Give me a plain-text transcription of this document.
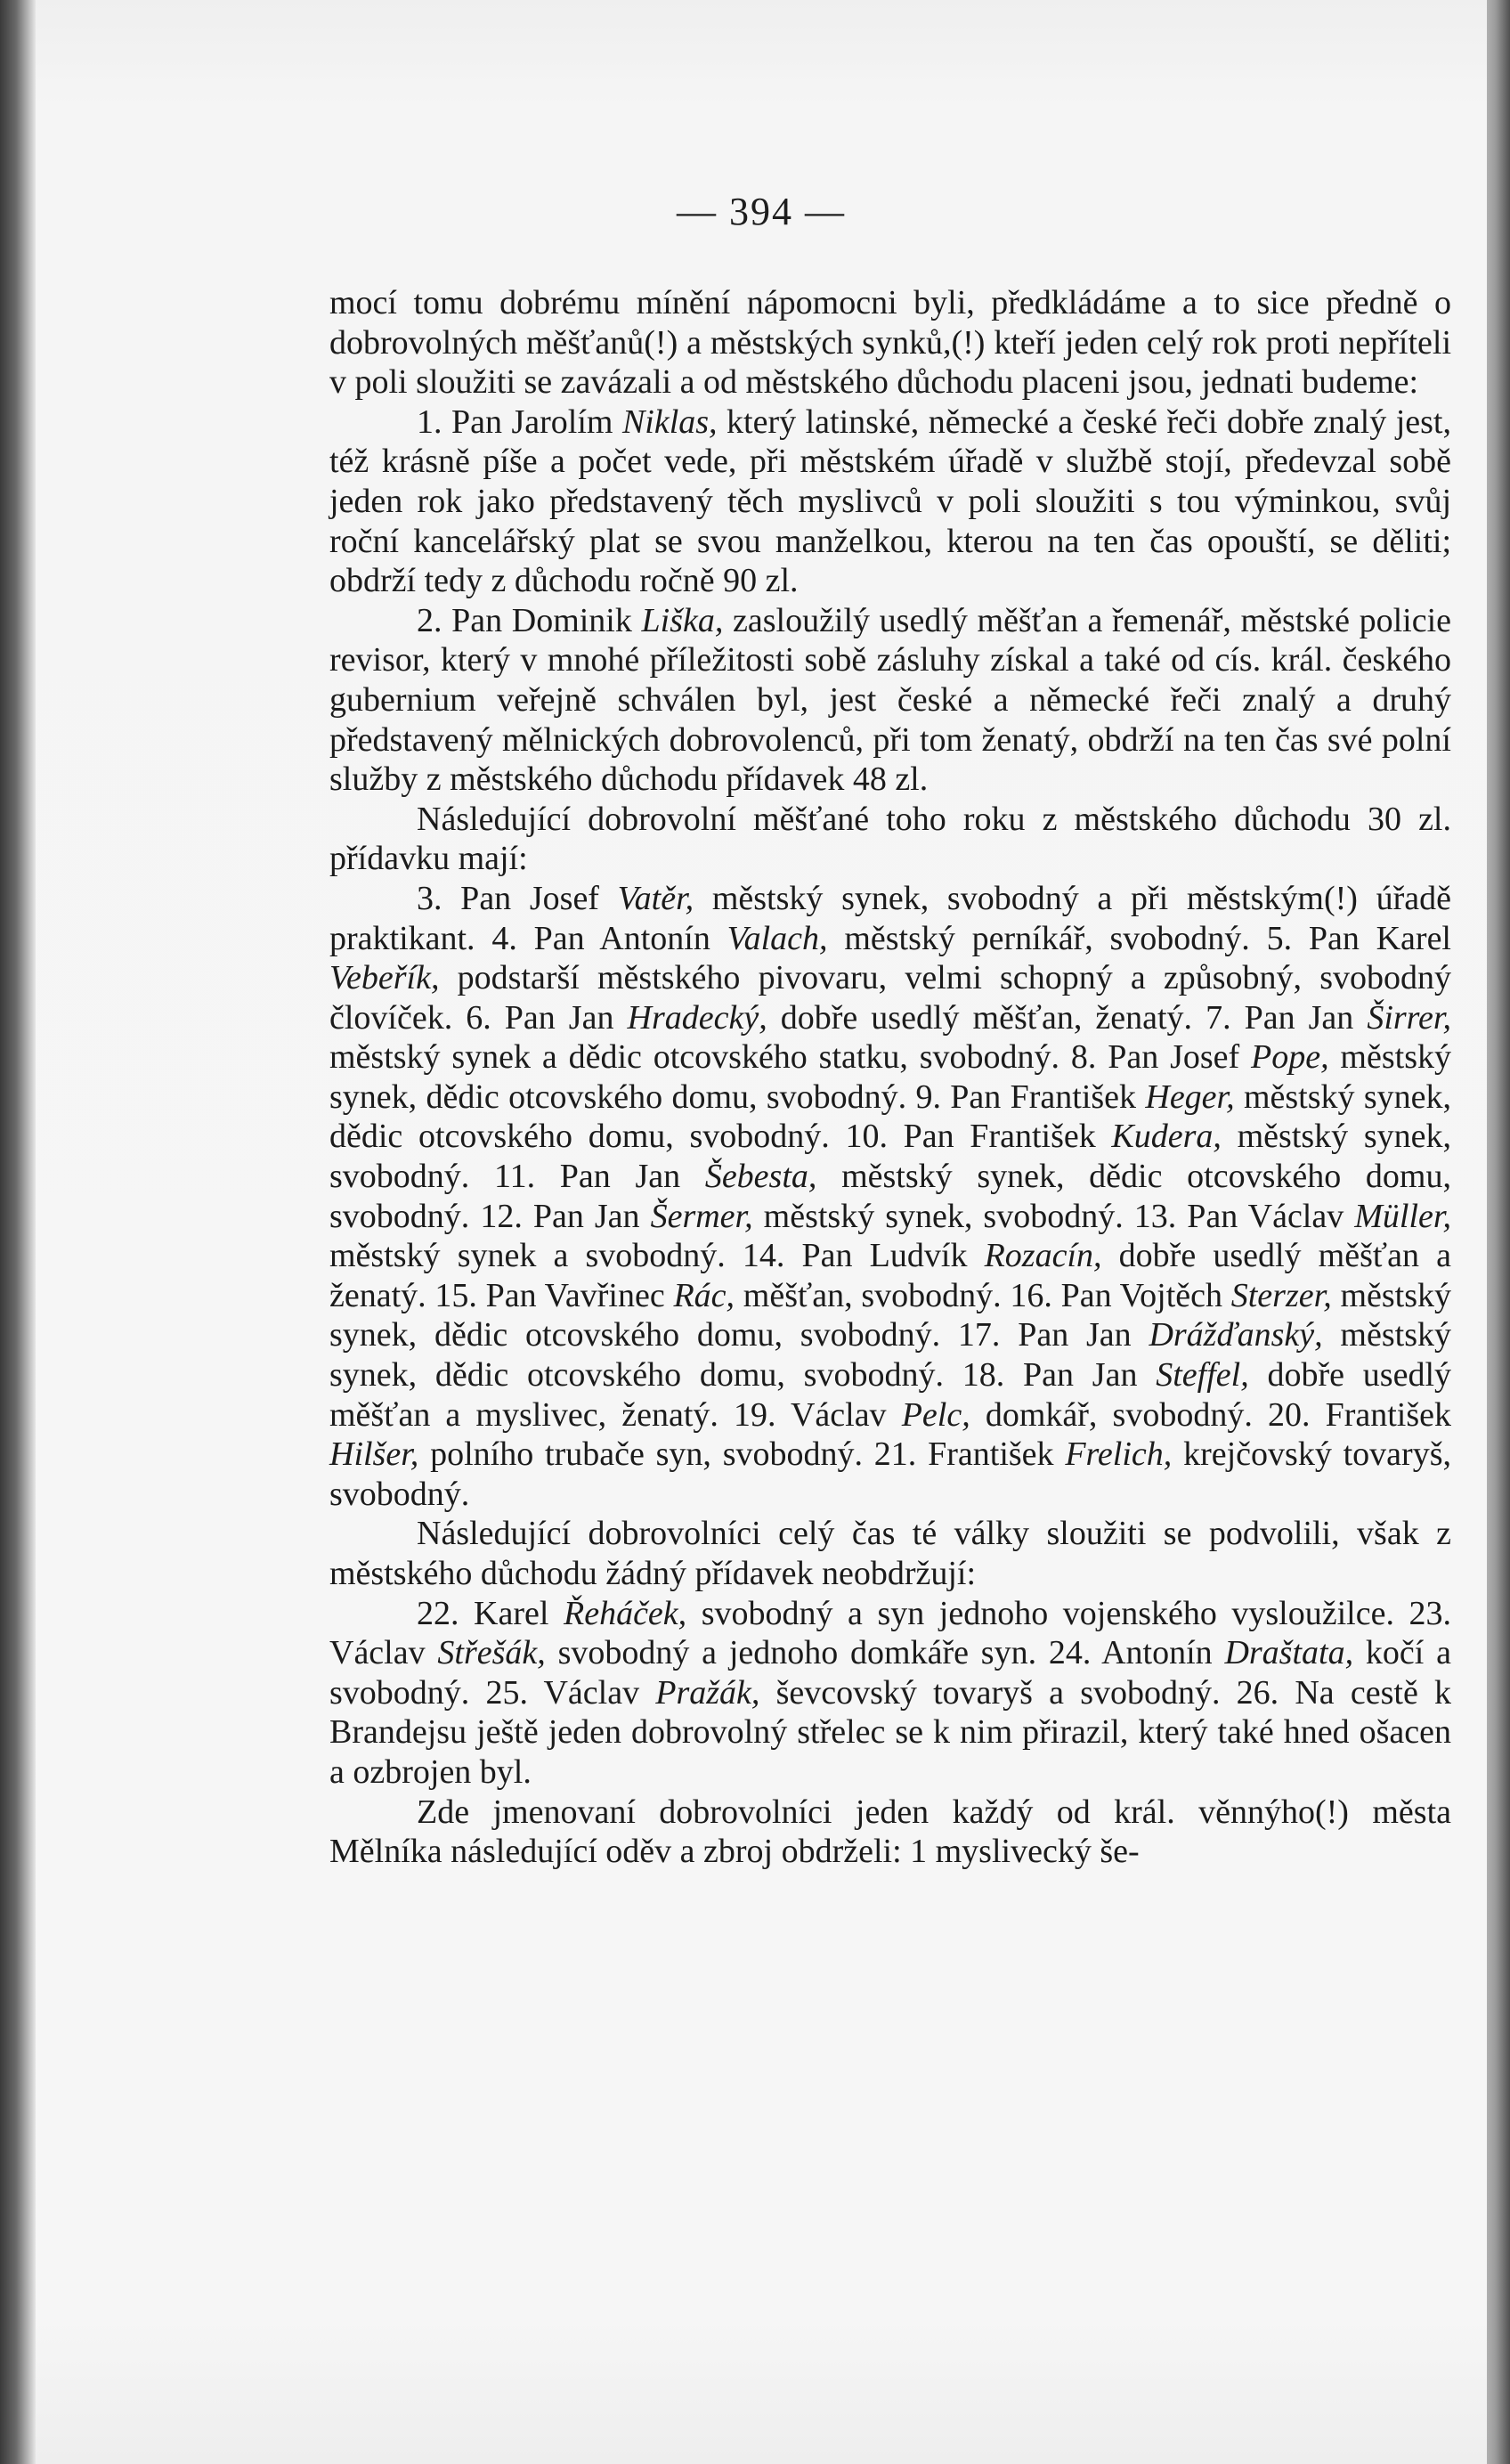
— 394 —

mocí tomu dobrému mínění nápomocni byli, předkládáme a to sice předně o dobrovolných měšťanů(!) a městských synků,(!) kteří jeden celý rok proti nepříteli v poli sloužiti se zavázali a od městského důchodu placeni jsou, jednati budeme:

1. Pan Jarolím Niklas, který latinské, německé a české řeči dobře znalý jest, též krásně píše a počet vede, při městském úřadě v službě stojí, předevzal sobě jeden rok jako představený těch myslivců v poli sloužiti s tou výminkou, svůj roční kancelářský plat se svou manželkou, kterou na ten čas opouští, se děliti; obdrží tedy z důchodu ročně 90 zl.

2. Pan Dominik Liška, zasloužilý usedlý měšťan a řemenář, městské policie revisor, který v mnohé příležitosti sobě zásluhy získal a také od cís. král. českého gubernium veřejně schválen byl, jest české a německé řeči znalý a druhý představený mělnických dobrovolenců, při tom ženatý, obdrží na ten čas své polní služby z městského důchodu přídavek 48 zl.

Následující dobrovolní měšťané toho roku z městského důchodu 30 zl. přídavku mají:

3. Pan Josef Vatěr, městský synek, svobodný a při městským(!) úřadě praktikant. 4. Pan Antonín Valach, městský perníkář, svobodný. 5. Pan Karel Vebeřík, podstarší městského pivovaru, velmi schopný a způsobný, svobodný človíček. 6. Pan Jan Hradecký, dobře usedlý měšťan, ženatý. 7. Pan Jan Širrer, městský synek a dědic otcovského statku, svobodný. 8. Pan Josef Pope, městský synek, dědic otcovského domu, svobodný. 9. Pan František Heger, městský synek, dědic otcovského domu, svobodný. 10. Pan František Kudera, městský synek, svobodný. 11. Pan Jan Šebesta, městský synek, dědic otcovského domu, svobodný. 12. Pan Jan Šermer, městský synek, svobodný. 13. Pan Václav Müller, městský synek a svobodný. 14. Pan Ludvík Rozacín, dobře usedlý měšťan a ženatý. 15. Pan Vavřinec Rác, měšťan, svobodný. 16. Pan Vojtěch Sterzer, městský synek, dědic otcovského domu, svobodný. 17. Pan Jan Drážďanský, městský synek, dědic otcovského domu, svobodný. 18. Pan Jan Steffel, dobře usedlý měšťan a myslivec, ženatý. 19. Václav Pelc, domkář, svobodný. 20. František Hilšer, polního trubače syn, svobodný. 21. František Frelich, krejčovský tovaryš, svobodný.

Následující dobrovolníci celý čas té války sloužiti se podvolili, však z městského důchodu žádný přídavek neobdržují:

22. Karel Řeháček, svobodný a syn jednoho vojenského vysloužilce. 23. Václav Střešák, svobodný a jednoho domkáře syn. 24. Antonín Draštata, kočí a svobodný. 25. Václav Pražák, ševcovský tovaryš a svobodný. 26. Na cestě k Brandejsu ještě jeden dobrovolný střelec se k nim přirazil, který také hned ošacen a ozbrojen byl.

Zde jmenovaní dobrovolníci jeden každý od král. věnnýho(!) města Mělníka následující oděv a zbroj obdrželi: 1 myslivecký še-
